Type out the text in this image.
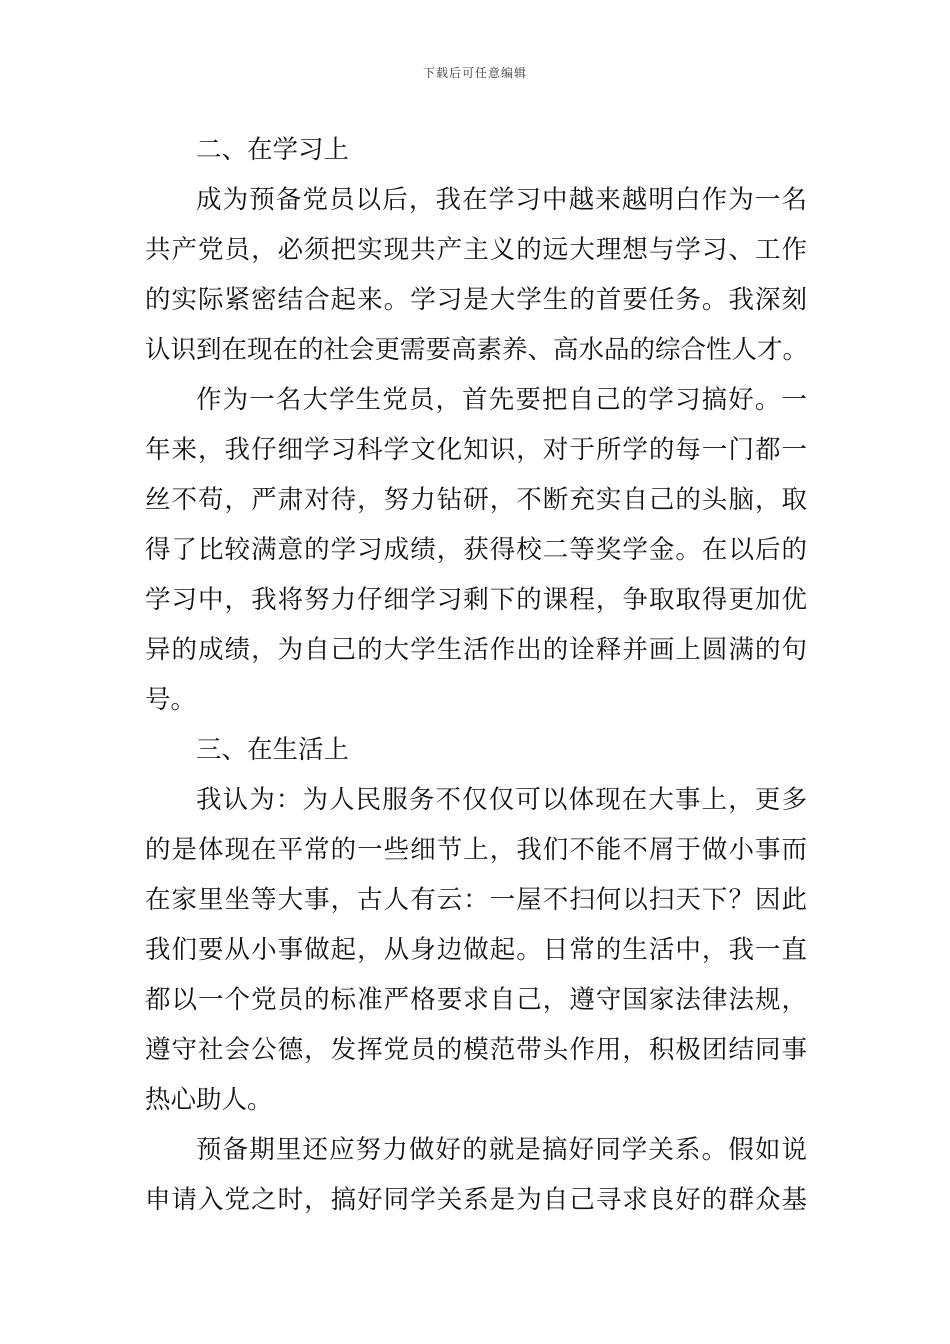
下载后可任意编辑
二、在学习上
成为预备党员以后，我在学习中越来越明白作为一名
共产党员，必须把实现共产主义的远大理想与学习、工作
的实际紧密结合起来。学习是大学生的首要任务。我深刻
认识到在现在的社会更需要高素养、高水品的综合性人才。
作为一名大学生党员，首先要把自己的学习搞好。一
年来，我仔细学习科学文化知识，对于所学的每一门都一
丝不苟，严肃对待，努力钻研，不断充实自己的头脑，取
得了比较满意的学习成绩，获得校二等奖学金。在以后的
学习中，我将努力仔细学习剩下的课程，争取取得更加优
异的成绩，为自己的大学生活作出的诠释并画上圆满的句
号。
三、在生活上
我认为：为人民服务不仅仅可以体现在大事上，更多
的是体现在平常的一些细节上，我们不能不屑于做小事而
在家里坐等大事，古人有云：一屋不扫何以扫天下？因此
我们要从小事做起，从身边做起。日常的生活中，我一直
都以一个党员的标准严格要求自己，遵守国家法律法规，
遵守社会公德，发挥党员的模范带头作用，积极团结同事
热心助人。
预备期里还应努力做好的就是搞好同学关系。假如说
申请入党之时，搞好同学关系是为自己寻求良好的群众基
